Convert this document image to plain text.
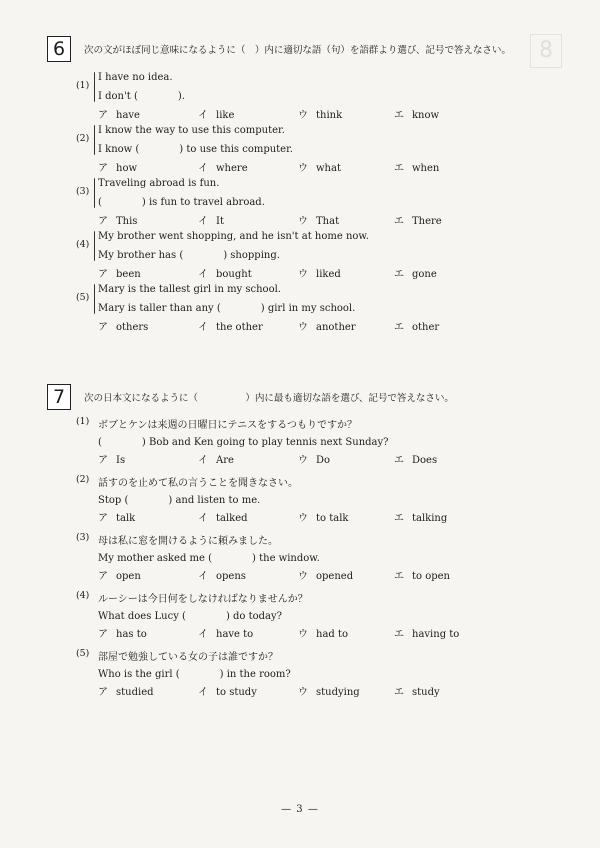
8
6	次の文がほぼ同じ意味になるように（　）内に適切な語（句）を語群より選び、記号で答えなさい。
(1)
I have no idea.
I don't (　　　　).
ア have	イ like	ウ think	エ know
(2)
I know the way to use this computer.
I know (　　　　) to use this computer.
ア how	イ where	ウ what	エ when
(3)
Traveling abroad is fun.
(　　　　) is fun to travel abroad.
ア This	イ It	ウ That	エ There
(4)
My brother went shopping, and he isn't at home now.
My brother has (　　　　) shopping.
ア been	イ bought	ウ liked	エ gone
(5)
Mary is the tallest girl in my school.
Mary is taller than any (　　　　) girl in my school.
ア others	イ the other	ウ another	エ other
7	次の日本文になるように（　　　　　）内に最も適切な語を選び、記号で答えなさい。
(1) ボブとケンは来週の日曜日にテニスをするつもりですか？
(　　　　) Bob and Ken going to play tennis next Sunday?
ア Is	イ Are	ウ Do	エ Does
(2) 話すのを止めて私の言うことを聞きなさい。
Stop (　　　　) and listen to me.
ア talk	イ talked	ウ to talk	エ talking
(3) 母は私に窓を開けるように頼みました。
My mother asked me (　　　　) the window.
ア open	イ opens	ウ opened	エ to open
(4) ルーシーは今日何をしなければなりませんか？
What does Lucy (　　　　) do today?
ア has to	イ have to	ウ had to	エ having to
(5) 部屋で勉強している女の子は誰ですか？
Who is the girl (　　　　) in the room?
ア studied	イ to study	ウ studying	エ study
— 3 —
